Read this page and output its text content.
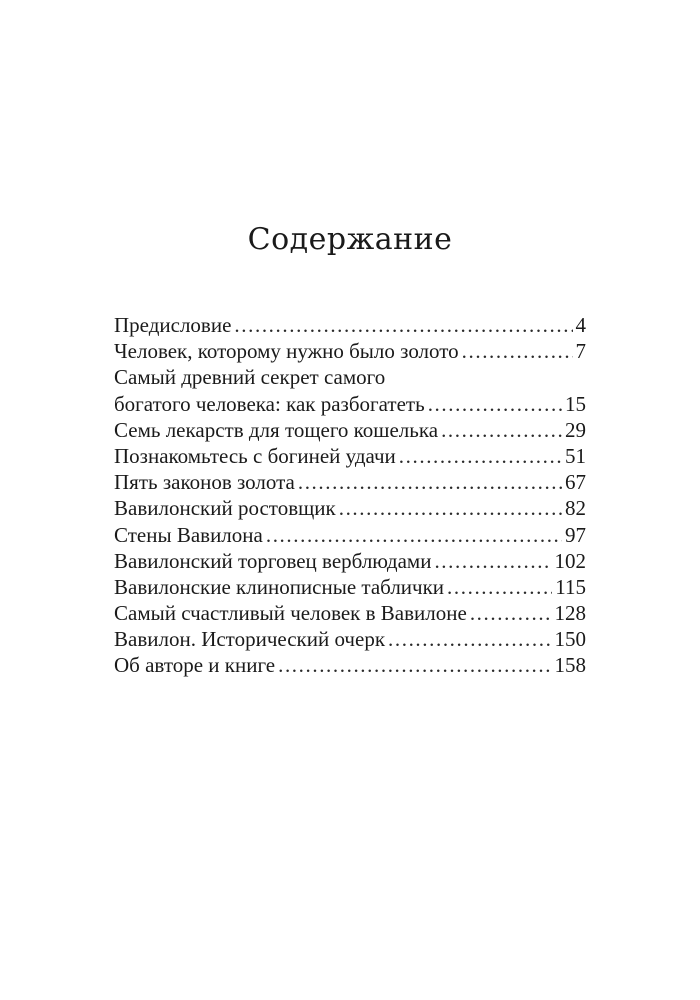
Содержание
Предисловие .....	4
Человек, которому нужно было золото .....	7
Самый древний секрет самого
богатого человека: как разбогатеть .....	15
Семь лекарств для тощего кошелька .....	29
Познакомьтесь с богиней удачи .....	51
Пять законов золота .....	67
Вавилонский ростовщик .....	82
Стены Вавилона .....	97
Вавилонский торговец верблюдами .....	102
Вавилонские клинописные таблички .....	115
Самый счастливый человек в Вавилоне .....	128
Вавилон. Исторический очерк .....	150
Об авторе и книге .....	158
